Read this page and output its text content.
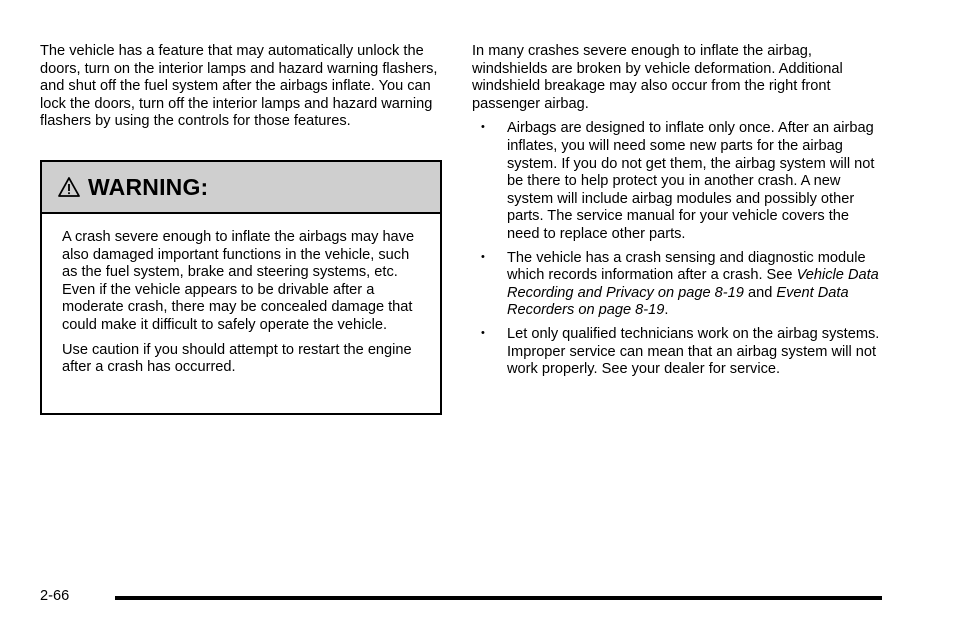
The vehicle has a feature that may automatically unlock the doors, turn on the interior lamps and hazard warning flashers, and shut off the fuel system after the airbags inflate. You can lock the doors, turn off the interior lamps and hazard warning flashers by using the controls for those features.

WARNING:

A crash severe enough to inflate the airbags may have also damaged important functions in the vehicle, such as the fuel system, brake and steering systems, etc. Even if the vehicle appears to be drivable after a moderate crash, there may be concealed damage that could make it difficult to safely operate the vehicle.

Use caution if you should attempt to restart the engine after a crash has occurred.

In many crashes severe enough to inflate the airbag, windshields are broken by vehicle deformation. Additional windshield breakage may also occur from the right front passenger airbag.

• Airbags are designed to inflate only once. After an airbag inflates, you will need some new parts for the airbag system. If you do not get them, the airbag system will not be there to help protect you in another crash. A new system will include airbag modules and possibly other parts. The service manual for your vehicle covers the need to replace other parts.
• The vehicle has a crash sensing and diagnostic module which records information after a crash. See Vehicle Data Recording and Privacy on page 8-19 and Event Data Recorders on page 8-19.
• Let only qualified technicians work on the airbag systems. Improper service can mean that an airbag system will not work properly. See your dealer for service.
2-66
